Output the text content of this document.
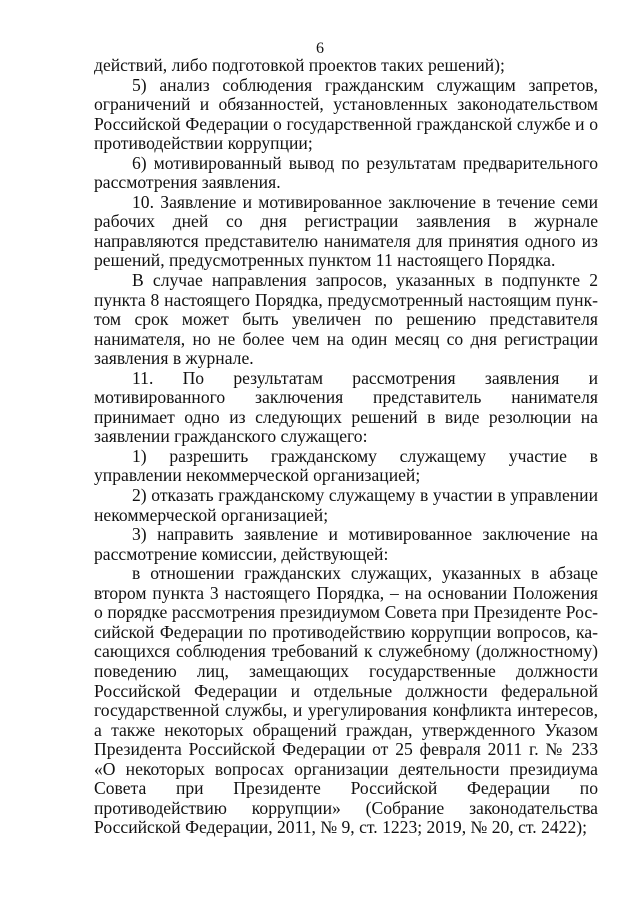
6

действий, либо подготовкой проектов таких решений);

5) анализ соблюдения гражданским служащим запретов, ограничений и обязанностей, установленных законодательством Российской Федерации о государственной гражданской службе и о противодействии коррупции;

6) мотивированный вывод по результатам предварительного рассмотрения заявления.

10. Заявление и мотивированное заключение в течение семи рабочих дней со дня регистрации заявления в журнале направляются представителю нанимателя для принятия одного из решений, предусмотренных пунктом 11 настоящего Порядка.

В случае направления запросов, указанных в подпункте 2 пункта 8 настоящего Порядка, предусмотренный настоящим пунктом срок может быть увеличен по решению представителя нанимателя, но не более чем на один месяц со дня регистрации заявления в журнале.

11. По результатам рассмотрения заявления и мотивированного заключения представитель нанимателя принимает одно из следующих решений в виде резолюции на заявлении гражданского служащего:

1) разрешить гражданскому служащему участие в управлении некоммерческой организацией;

2) отказать гражданскому служащему в участии в управлении некоммерческой организацией;

3) направить заявление и мотивированное заключение на рассмотрение комиссии, действующей:

в отношении гражданских служащих, указанных в абзаце втором пункта 3 настоящего Порядка, – на основании Положения о порядке рассмотрения президиумом Совета при Президенте Российской Федерации по противодействию коррупции вопросов, касающихся соблюдения требований к служебному (должностному) поведению лиц, замещающих государственные должности Российской Федерации и отдельные должности федеральной государственной службы, и урегулирования конфликта интересов, а также некоторых обращений граждан, утвержденного Указом Президента Российской Федерации от 25 февраля 2011 г. № 233 «О некоторых вопросах организации деятельности президиума Совета при Президенте Российской Федерации по противодействию коррупции» (Собрание законодательства Российской Федерации, 2011, № 9, ст. 1223; 2019, № 20, ст. 2422);
